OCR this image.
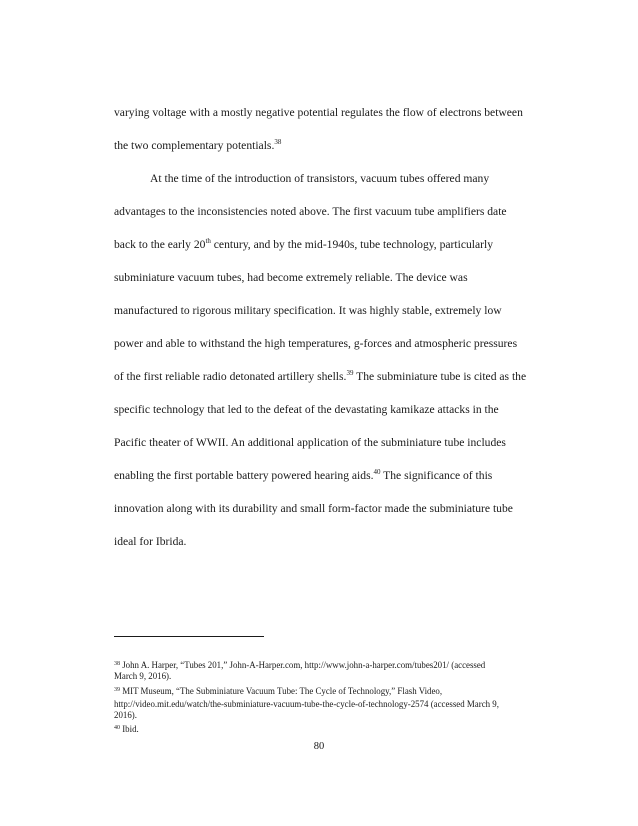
varying voltage with a mostly negative potential regulates the flow of electrons between
the two complementary potentials.$^{38}$
At the time of the introduction of transistors, vacuum tubes offered many
advantages to the inconsistencies noted above. The first vacuum tube amplifiers date
back to the early 20th century, and by the mid-1940s, tube technology, particularly
subminiature vacuum tubes, had become extremely reliable. The device was
manufactured to rigorous military specification. It was highly stable, extremely low
power and able to withstand the high temperatures, g-forces and atmospheric pressures
of the first reliable radio detonated artillery shells.$^{39}$ The subminiature tube is cited as the
specific technology that led to the defeat of the devastating kamikaze attacks in the
Pacific theater of WWII. An additional application of the subminiature tube includes
enabling the first portable battery powered hearing aids.$^{40}$ The significance of this
innovation along with its durability and small form-factor made the subminiature tube
ideal for Ibrida.
$^{38}$ John A. Harper, “Tubes 201,” John-A-Harper.com, http://www.john-a-harper.com/tubes201/ (accessed
March 9, 2016).
$^{39}$ MIT Museum, “The Subminiature Vacuum Tube: The Cycle of Technology,” Flash Video,
http://video.mit.edu/watch/the-subminiature-vacuum-tube-the-cycle-of-technology-2574 (accessed March 9,
2016).
$^{40}$ Ibid.
80
